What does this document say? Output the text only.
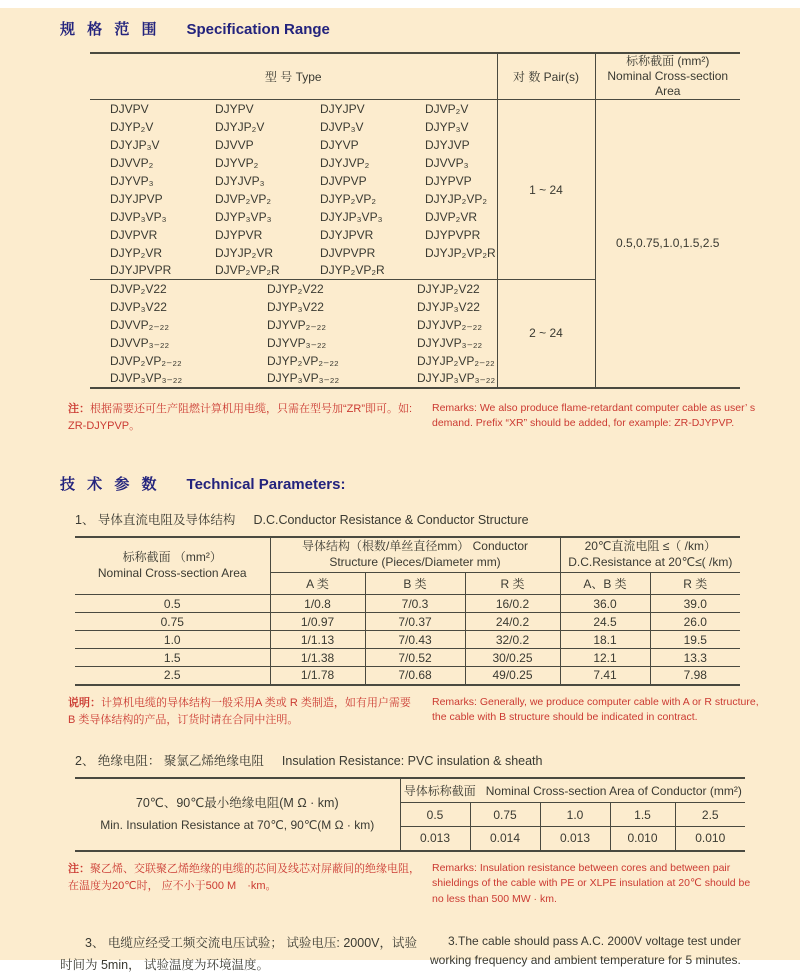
规 格 范 围 Specification Range
型 号 Type				对 数 Pair(s)	标称截面 (mm²)
Nominal Cross-section Area

DJVPV	DJYPV	DJYJPV	DJVP₂V	1 ~ 24	0.5,0.75,1.0,1.5,2.5
DJYP₂V	DJYJP₂V	DJVP₃V	DJYP₃V		
DJYJP₃V	DJVVP	DJYVP	DJYJVP		
DJVVP₂	DJYVP₂	DJYJVP₂	DJVVP₃		
DJYVP₃	DJYJVP₃	DJVPVP	DJYPVP		
DJYJPVP	DJVP₂VP₂	DJYP₂VP₂	DJYJP₂VP₂		
DJVP₃VP₃	DJYP₃VP₃	DJYJP₃VP₃	DJVP₂VR		
DJVPVR	DJYPVR	DJYJPVR	DJYPVPR		
DJYP₂VR	DJYJP₂VR	DJVPVPR	DJYJP₂VP₂R		
DJYJPVPR	DJVP₂VP₂R	DJYP₂VP₂R			
DJVP₂V22	DJYP₂V22	DJYJP₂V22		2 ~ 24	
DJVP₃V22	DJYP₃V22	DJYJP₃V22			
DJVVP₂₋₂₂	DJYVP₂₋₂₂	DJYJVP₂₋₂₂			
DJVVP₃₋₂₂	DJYVP₃₋₂₂	DJYJVP₃₋₂₂			
DJVP₂VP₂₋₂₂	DJYP₂VP₂₋₂₂	DJYJP₂VP₂₋₂₂			
DJVP₃VP₃₋₂₂	DJYP₃VP₃₋₂₂	DJYJP₃VP₃₋₂₂			
注：根据需要还可生产阻燃计算机用电缆，只需在型号加“ZR”即可。如: ZR-DJYPVP。
Remarks: We also produce flame-retardant computer cable as user’ s demand. Prefix “XR” should be added, for example: ZR-DJYPVP.
技 术 参 数 Technical Parameters:
1、 导体直流电阻及导体结构 D.C.Conductor Resistance & Conductor Structure
标称截面 （mm²）
Nominal Cross-section Area

导体结构（根数/单丝直径mm） Conductor
Structure (Pieces/Diameter mm)

20℃直流电阻 ≤（ /km）
D.C.Resistance at 20℃≤( /km)

	A 类	B 类	R 类	A、B 类	R 类
0.5	1/0.8	7/0.3	16/0.2	36.0	39.0
0.75	1/0.97	7/0.37	24/0.2	24.5	26.0
1.0	1/1.13	7/0.43	32/0.2	18.1	19.5
1.5	1/1.38	7/0.52	30/0.25	12.1	13.3
2.5	1/1.78	7/0.68	49/0.25	7.41	7.98
说明：计算机电缆的导体结构一般采用A 类或 R 类制造，如有用户需要 B 类导体结构的产品，订货时请在合同中注明。
Remarks: Generally, we produce computer cable with A or R structure, the cable with B structure should be indicated in contract.
2、 绝缘电阻： 聚氯乙烯绝缘电阻 Insulation Resistance: PVC insulation & sheath
70℃、90℃最小绝缘电阻(M Ω · km)
Min. Insulation Resistance at 70℃, 90℃(M Ω · km)	导体标称截面 Nominal Cross-section Area of Conductor (mm²)				
	0.5	0.75	1.0	1.5	2.5
	0.013	0.014	0.013	0.010	0.010
注：聚乙烯、交联聚乙烯绝缘的电缆的芯间及线芯对屏蔽间的绝缘电阻，在温度为20℃时， 应不小于500 M　·km。
Remarks: Insulation resistance between cores and between pair shieldings of the cable with PE or XLPE insulation at 20℃ should be no less than 500 MW · km.
3、 电缆应经受工频交流电压试验； 试验电压: 2000V，试验时间为 5min， 试验温度为环境温度。
3.The cable should pass A.C. 2000V voltage test under working frequency and ambient temperature for 5 minutes.
